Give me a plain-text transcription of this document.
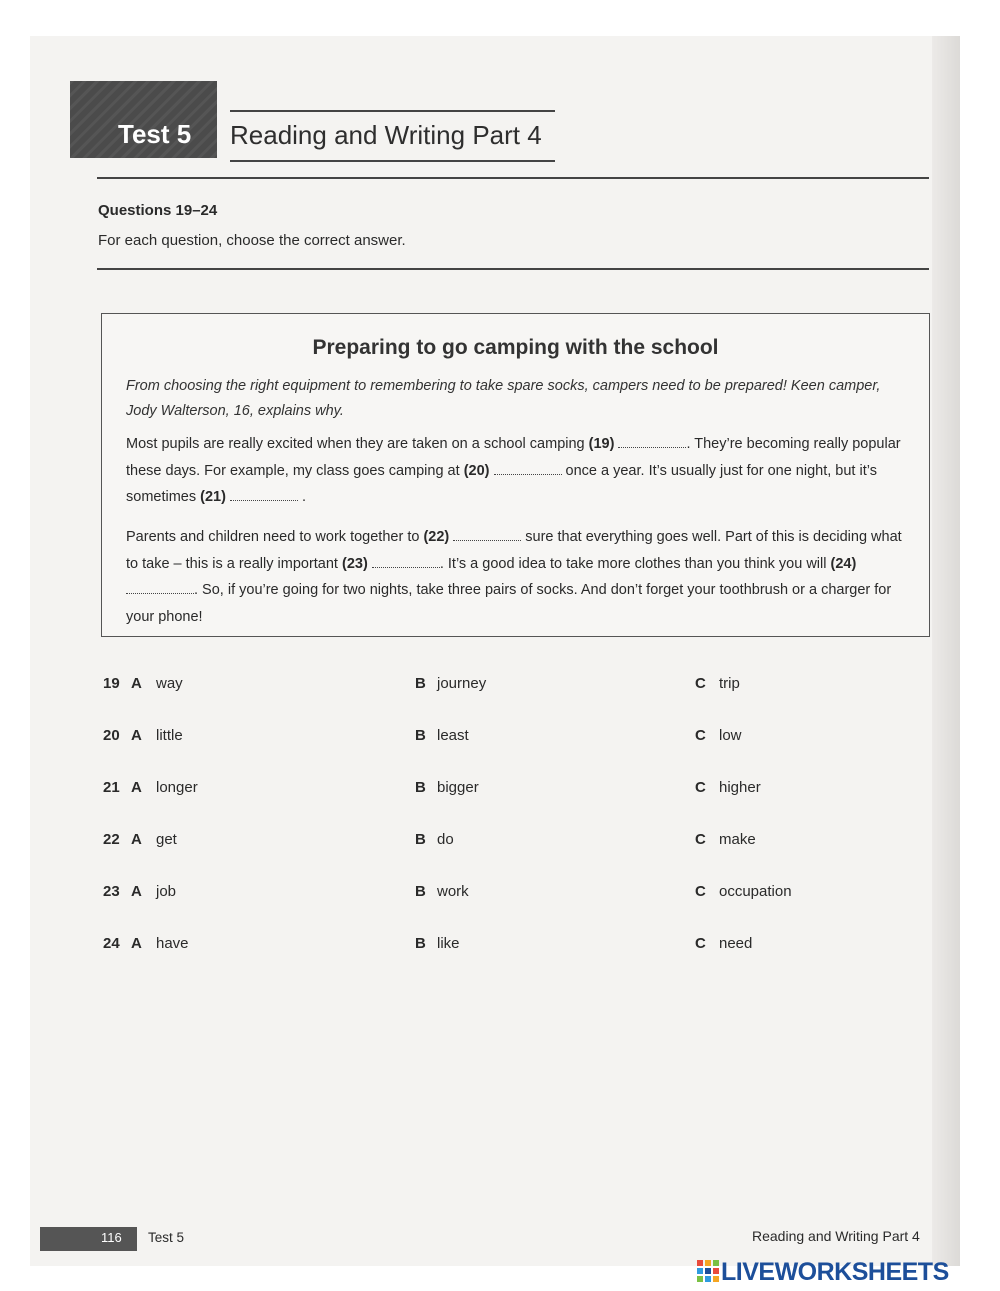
Test 5 Reading and Writing Part 4
Questions 19–24
For each question, choose the correct answer.
Preparing to go camping with the school
From choosing the right equipment to remembering to take spare socks, campers need to be prepared! Keen camper, Jody Walterson, 16, explains why.
Most pupils are really excited when they are taken on a school camping (19)	. They’re becoming really popular these days. For example, my class goes camping at (20)	once a year. It’s usually just for one night, but it’s sometimes (21)	.
Parents and children need to work together to (22)	sure that everything goes well. Part of this is deciding what to take – this is a really important (23)	. It’s a good idea to take more clothes than you think you will (24) . So, if you’re going for two nights, take three pairs of socks. And don’t forget your toothbrush or a charger for your phone!
19 A way	B journey	C trip
20 A little	B least	C low
21 A longer	B bigger	C higher
22 A get	B do	C make
23 A job	B work	C occupation
24 A have	B like	C need
116 Test 5	Reading and Writing Part 4
LIVEWORKSHEETS
